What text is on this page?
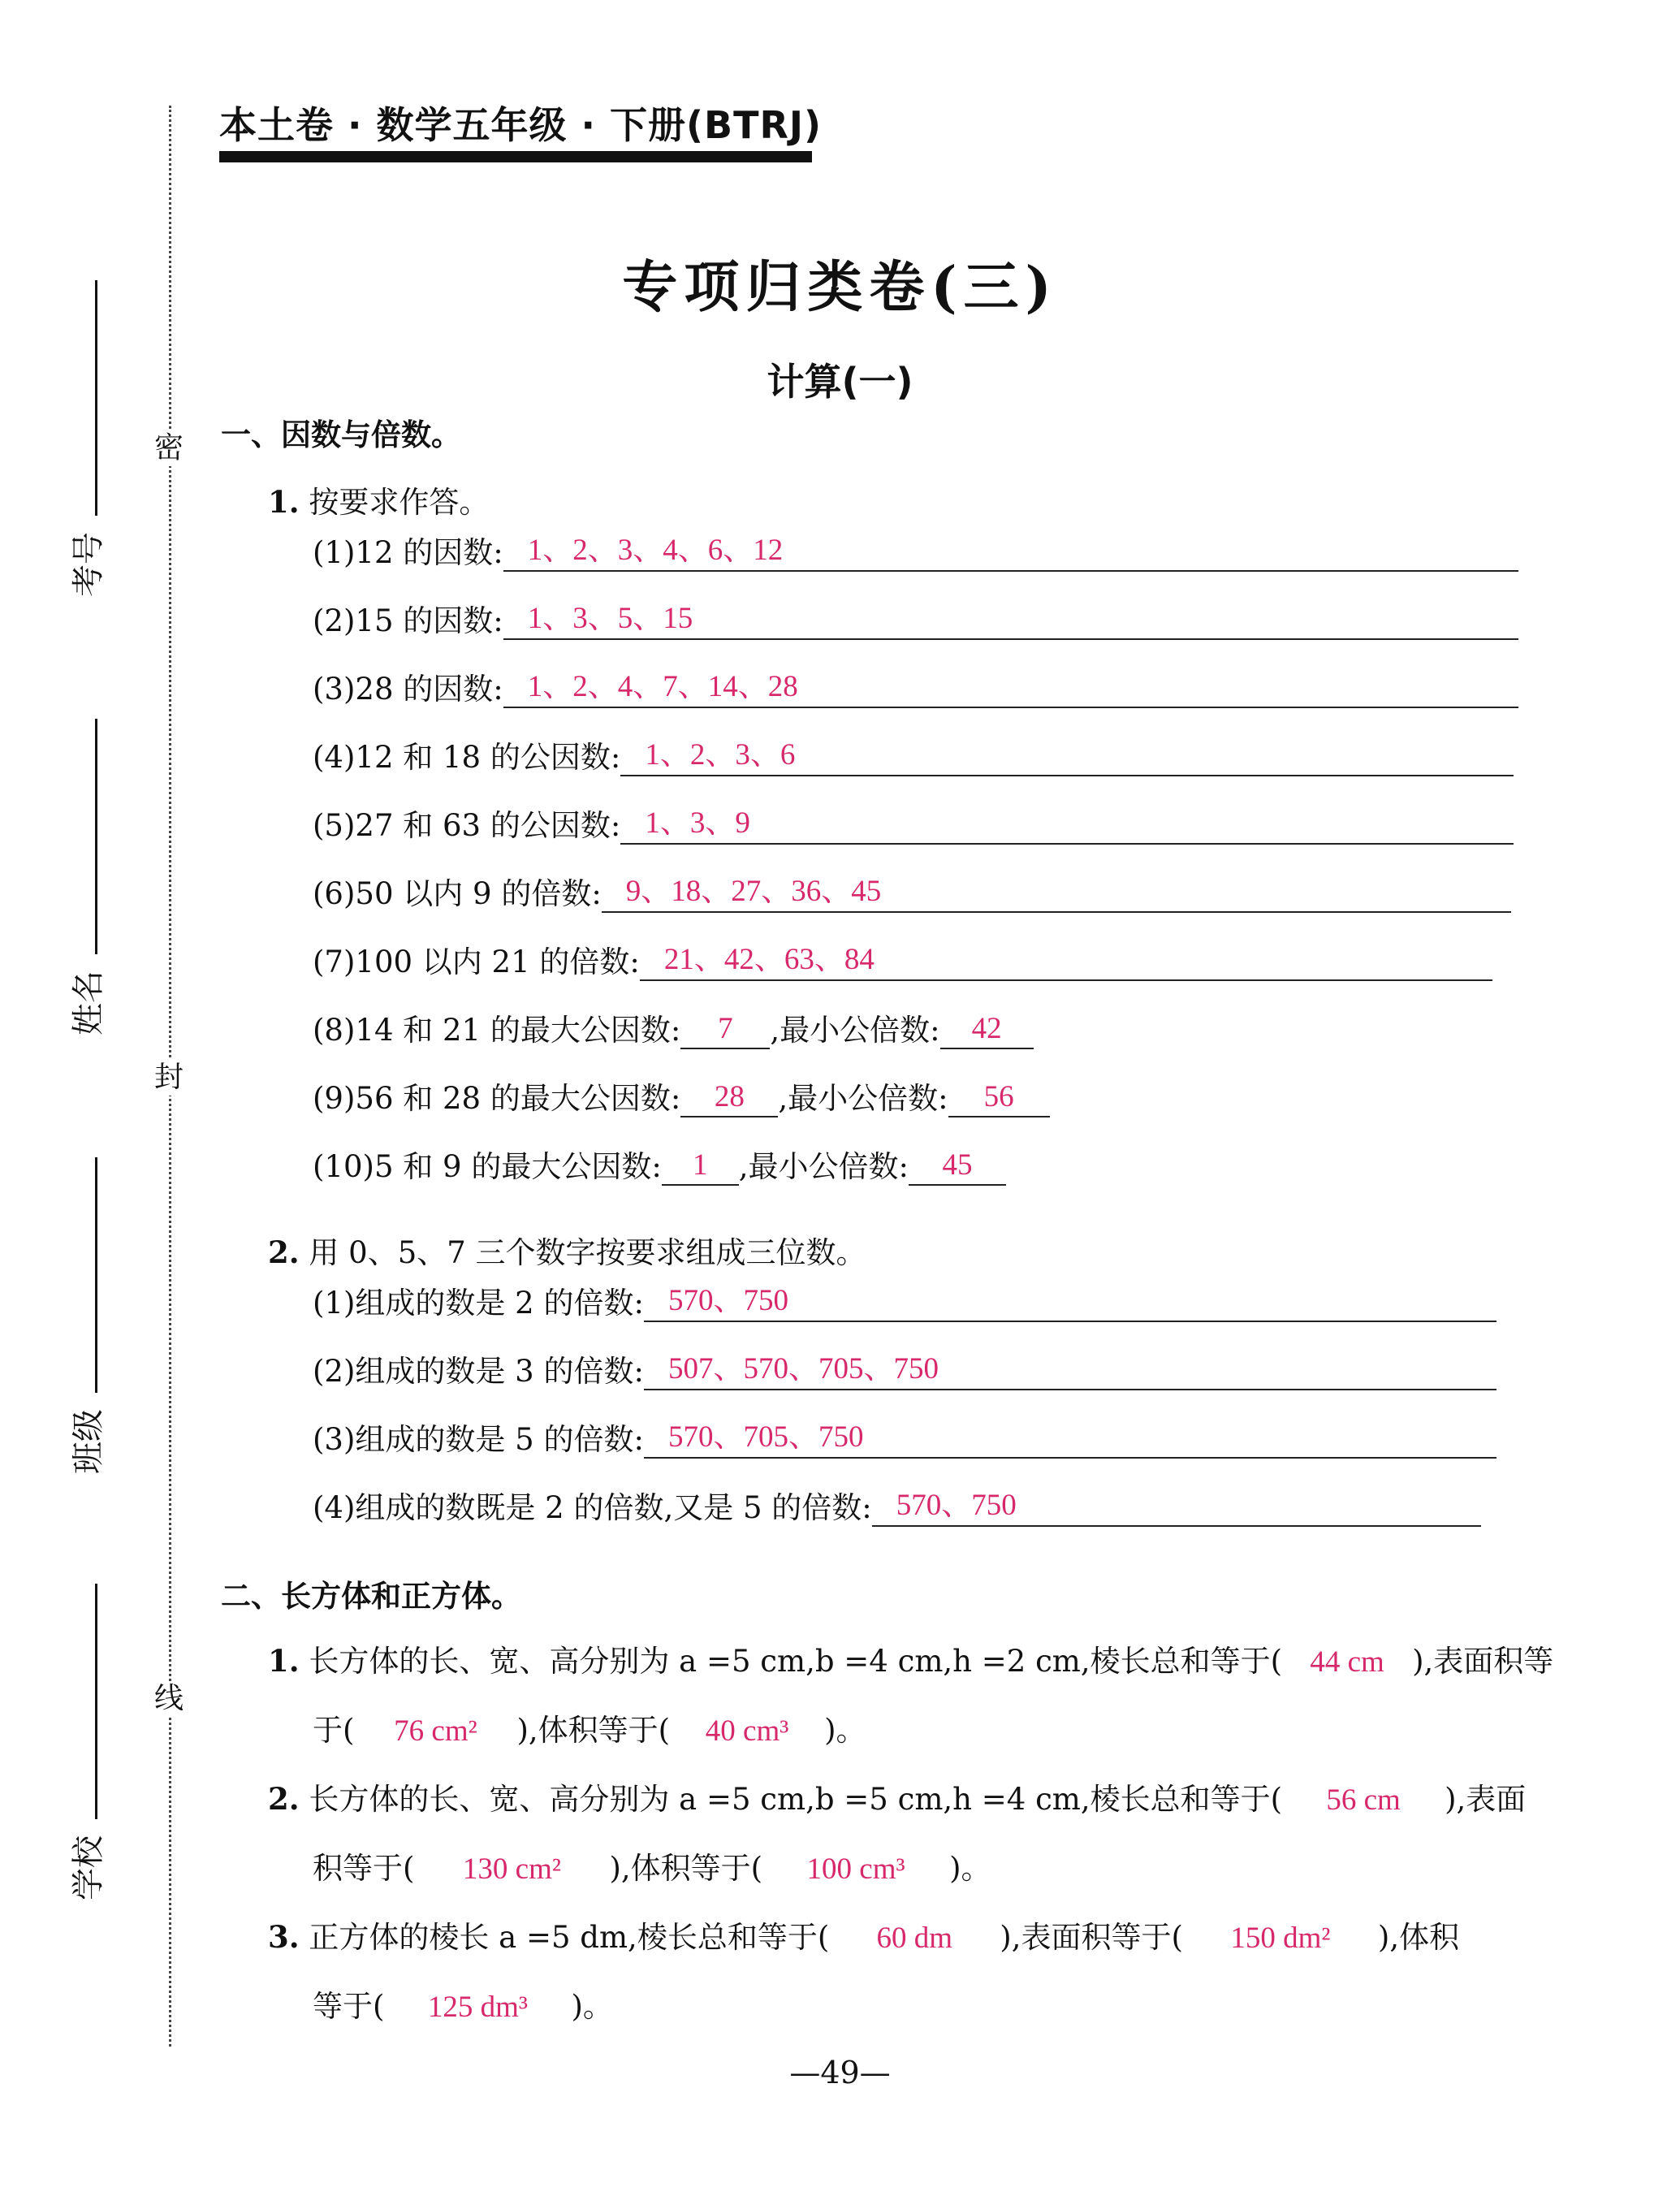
本土卷 · 数学五年级 · 下册(BTRJ)
密
封
线
考号
姓名
班级
学校
专项归类卷(三)
计算(一)
一、因数与倍数。
1. 按要求作答。
(1)12 的因数: 1、2、3、4、6、12
(2)15 的因数: 1、3、5、15
(3)28 的因数: 1、2、4、7、14、28
(4)12 和 18 的公因数: 1、2、3、6
(5)27 和 63 的公因数: 1、3、9
(6)50 以内 9 的倍数: 9、18、27、36、45
(7)100 以内 21 的倍数: 21、42、63、84
(8)14 和 21 的最大公因数:	7	,最小公倍数:	42
(9)56 和 28 的最大公因数:	28	,最小公倍数:	56
(10)5 和 9 的最大公因数:	1	,最小公倍数:	45
2. 用 0、5、7 三个数字按要求组成三位数。
(1)组成的数是 2 的倍数: 570、750
(2)组成的数是 3 的倍数: 507、570、705、750
(3)组成的数是 5 的倍数: 570、705、750
(4)组成的数既是 2 的倍数,又是 5 的倍数: 570、750
二、长方体和正方体。
1. 长方体的长、宽、高分别为 a =5 cm,b =4 cm,h =2 cm,棱长总和等于( 44 cm ),表面积等
于( 76 cm² ),体积等于( 40 cm³ )。
2. 长方体的长、宽、高分别为 a =5 cm,b =5 cm,h =4 cm,棱长总和等于( 56 cm ),表面
积等于( 130 cm² ),体积等于( 100 cm³ )。
3. 正方体的棱长 a =5 dm,棱长总和等于( 60 dm ),表面积等于( 150 dm² ),体积
等于( 125 dm³ )。
—49—
